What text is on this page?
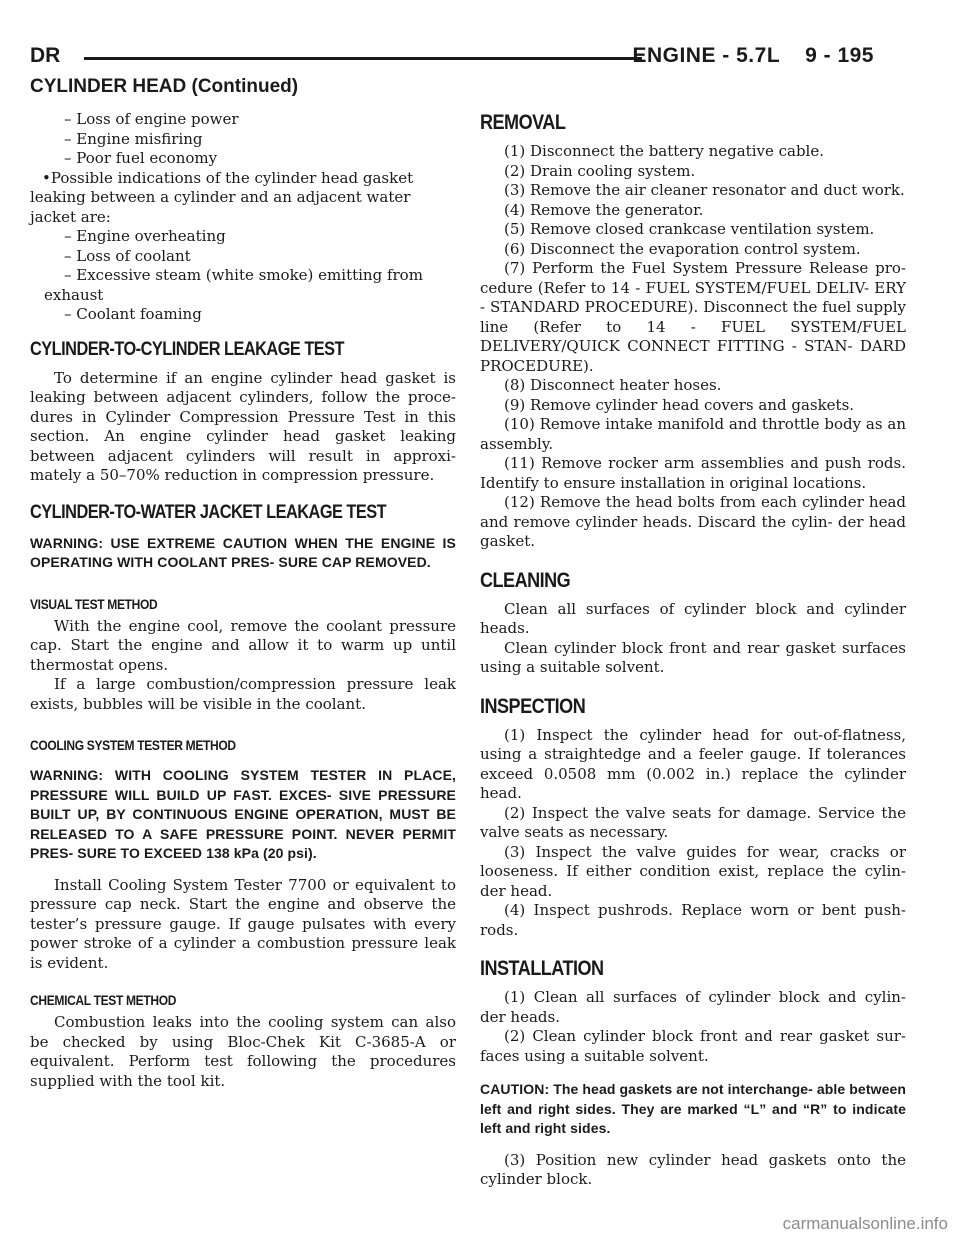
DR	ENGINE - 5.7L    9 - 195
CYLINDER HEAD (Continued)

– Loss of engine power

– Engine misfiring

– Poor fuel economy

•Possible indications of the cylinder head gasket

leaking between a cylinder and an adjacent water

jacket are:

– Engine overheating

– Loss of coolant

– Excessive steam (white smoke) emitting from

exhaust

– Coolant foaming

CYLINDER-TO-CYLINDER LEAKAGE TEST

To determine if an engine cylinder head gasket is leaking between adjacent cylinders, follow the proce- dures in Cylinder Compression Pressure Test in this section. An engine cylinder head gasket leaking between adjacent cylinders will result in approxi- mately a 50–70% reduction in compression pressure.

CYLINDER-TO-WATER JACKET LEAKAGE TEST

WARNING: USE EXTREME CAUTION WHEN THE ENGINE IS OPERATING WITH COOLANT PRES- SURE CAP REMOVED.

VISUAL TEST METHOD

With the engine cool, remove the coolant pressure cap. Start the engine and allow it to warm up until thermostat opens.

If a large combustion/compression pressure leak exists, bubbles will be visible in the coolant.

COOLING SYSTEM TESTER METHOD

WARNING: WITH COOLING SYSTEM TESTER IN PLACE, PRESSURE WILL BUILD UP FAST. EXCES- SIVE PRESSURE BUILT UP, BY CONTINUOUS ENGINE OPERATION, MUST BE RELEASED TO A SAFE PRESSURE POINT. NEVER PERMIT PRES- SURE TO EXCEED 138 kPa (20 psi).

Install Cooling System Tester 7700 or equivalent to pressure cap neck. Start the engine and observe the tester’s pressure gauge. If gauge pulsates with every power stroke of a cylinder a combustion pressure leak is evident.

CHEMICAL TEST METHOD

Combustion leaks into the cooling system can also be checked by using Bloc-Chek Kit C-3685-A or equivalent. Perform test following the procedures supplied with the tool kit.

REMOVAL

(1) Disconnect the battery negative cable.

(2) Drain cooling system.

(3) Remove the air cleaner resonator and duct work.

(4) Remove the generator.

(5) Remove closed crankcase ventilation system.

(6) Disconnect the evaporation control system.

(7) Perform the Fuel System Pressure Release pro- cedure (Refer to 14 - FUEL SYSTEM/FUEL DELIV- ERY - STANDARD PROCEDURE). Disconnect the fuel supply line (Refer to 14 - FUEL SYSTEM/FUEL DELIVERY/QUICK CONNECT FITTING - STAN- DARD PROCEDURE).

(8) Disconnect heater hoses.

(9) Remove cylinder head covers and gaskets.

(10) Remove intake manifold and throttle body as an assembly.

(11) Remove rocker arm assemblies and push rods. Identify to ensure installation in original locations.

(12) Remove the head bolts from each cylinder head and remove cylinder heads. Discard the cylin- der head gasket.

CLEANING

Clean all surfaces of cylinder block and cylinder heads.

Clean cylinder block front and rear gasket surfaces using a suitable solvent.

INSPECTION

(1) Inspect the cylinder head for out-of-flatness, using a straightedge and a feeler gauge. If tolerances exceed 0.0508 mm (0.002 in.) replace the cylinder head.

(2) Inspect the valve seats for damage. Service the valve seats as necessary.

(3) Inspect the valve guides for wear, cracks or looseness. If either condition exist, replace the cylin- der head.

(4) Inspect pushrods. Replace worn or bent push- rods.

INSTALLATION

(1) Clean all surfaces of cylinder block and cylin- der heads.

(2) Clean cylinder block front and rear gasket sur- faces using a suitable solvent.

CAUTION: The head gaskets are not interchange- able between left and right sides. They are marked “L” and “R” to indicate left and right sides.

(3) Position new cylinder head gaskets onto the cylinder block.

carmanualsonline.info
